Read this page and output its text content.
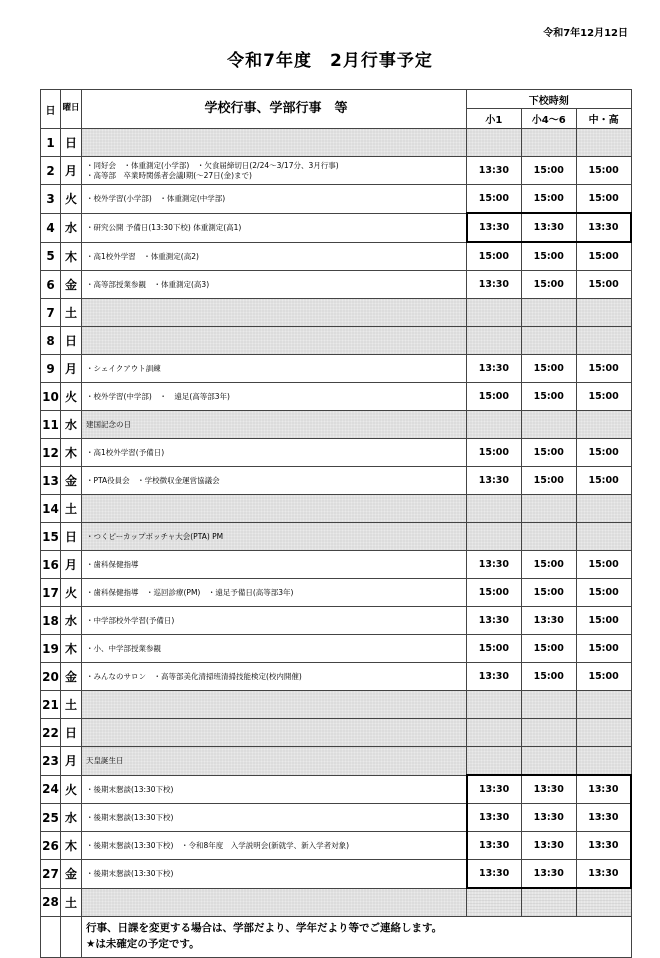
令和7年12月12日
令和7年度　2月行事予定
日	曜日	学校行事、学部行事　等	下校時刻		
			小1	小4～6	中・高
1	日	

2	月	・同好会　・体重測定(小学部)　・欠食届締切日(2/24～3/17分、3月行事)
・高等部　卒業時関係者会議Ⅰ期(～27日(金)まで)	13:30	15:00	15:00
3	火	・校外学習(小学部)　・体重測定(中学部)	15:00	15:00	15:00
4	水	・研究公開 予備日(13:30下校) 体重測定(高1)	13:30	13:30	13:30
5	木	・高1校外学習　・体重測定(高2)	15:00	15:00	15:00
6	金	・高等部授業参観　・体重測定(高3)	13:30	15:00	15:00
7	土	

8	日	

9	月	・シェイクアウト訓練	13:30	15:00	15:00
10	火	・校外学習(中学部)　・　遠足(高等部3年)	15:00	15:00	15:00
11	水	建国記念の日			

12	木	・高1校外学習(予備日)	15:00	15:00	15:00
13	金	・PTA役員会　・学校徴収金運営協議会	13:30	15:00	15:00
14	土	

15	日	・つくピーカップボッチャ大会(PTA) PM			

16	月	・歯科保健指導	13:30	15:00	15:00
17	火	・歯科保健指導　・巡回診療(PM)　・遠足予備日(高等部3年)	15:00	15:00	15:00
18	水	・中学部校外学習(予備日)	13:30	13:30	15:00
19	木	・小、中学部授業参観	15:00	15:00	15:00
20	金	・みんなのサロン　・高等部美化清掃班清掃技能検定(校内開催)	13:30	15:00	15:00
21	土	

22	日	

23	月	天皇誕生日			

24	火	・後期末懇談(13:30下校)	13:30	13:30	13:30
25	水	・後期末懇談(13:30下校)	13:30	13:30	13:30
26	木	・後期末懇談(13:30下校)　・令和8年度　入学説明会(新就学、新入学者対象)	13:30	13:30	13:30
27	金	・後期末懇談(13:30下校)	13:30	13:30	13:30
28	土	

		行事、日課を変更する場合は、学部だより、学年だより等でご連絡します。
★は未確定の予定です。			
